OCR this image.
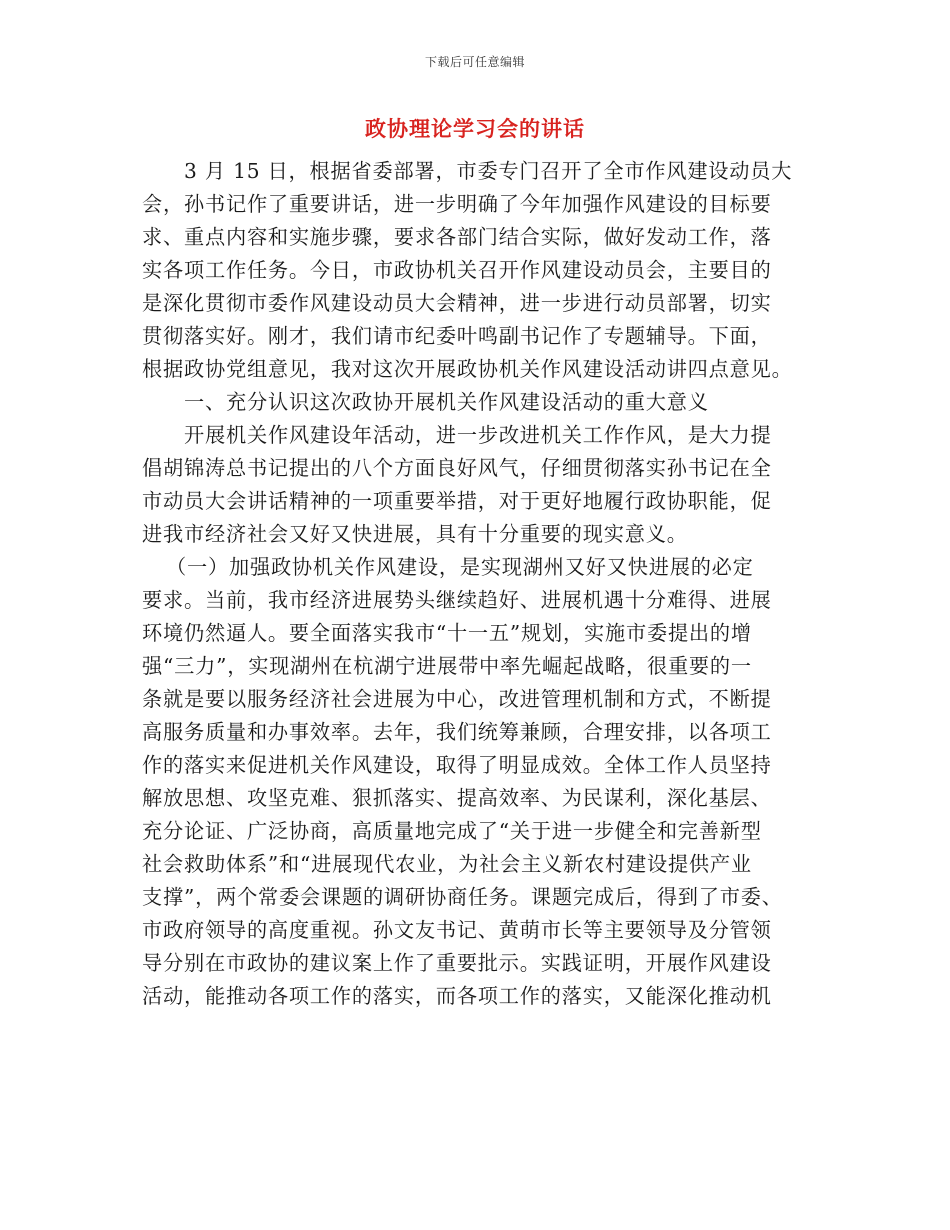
下载后可任意编辑
政协理论学习会的讲话
3 月 15 日，根据省委部署，市委专门召开了全市作风建设动员大
会，孙书记作了重要讲话，进一步明确了今年加强作风建设的目标要
求、重点内容和实施步骤，要求各部门结合实际，做好发动工作，落
实各项工作任务。今日，市政协机关召开作风建设动员会，主要目的
是深化贯彻市委作风建设动员大会精神，进一步进行动员部署，切实
贯彻落实好。刚才，我们请市纪委叶鸣副书记作了专题辅导。下面，
根据政协党组意见，我对这次开展政协机关作风建设活动讲四点意见。
一、充分认识这次政协开展机关作风建设活动的重大意义
开展机关作风建设年活动，进一步改进机关工作作风，是大力提
倡胡锦涛总书记提出的八个方面良好风气，仔细贯彻落实孙书记在全
市动员大会讲话精神的一项重要举措，对于更好地履行政协职能，促
进我市经济社会又好又快进展，具有十分重要的现实意义。
（一）加强政协机关作风建设，是实现湖州又好又快进展的必定
要求。当前，我市经济进展势头继续趋好、进展机遇十分难得、进展
环境仍然逼人。要全面落实我市“十一五”规划，实施市委提出的增
强“三力”，实现湖州在杭湖宁进展带中率先崛起战略，很重要的一
条就是要以服务经济社会进展为中心，改进管理机制和方式，不断提
高服务质量和办事效率。去年，我们统筹兼顾，合理安排，以各项工
作的落实来促进机关作风建设，取得了明显成效。全体工作人员坚持
解放思想、攻坚克难、狠抓落实、提高效率、为民谋利，深化基层、
充分论证、广泛协商，高质量地完成了“关于进一步健全和完善新型
社会救助体系”和“进展现代农业，为社会主义新农村建设提供产业
支撑”，两个常委会课题的调研协商任务。课题完成后，得到了市委、
市政府领导的高度重视。孙文友书记、黄萌市长等主要领导及分管领
导分别在市政协的建议案上作了重要批示。实践证明，开展作风建设
活动，能推动各项工作的落实，而各项工作的落实，又能深化推动机
